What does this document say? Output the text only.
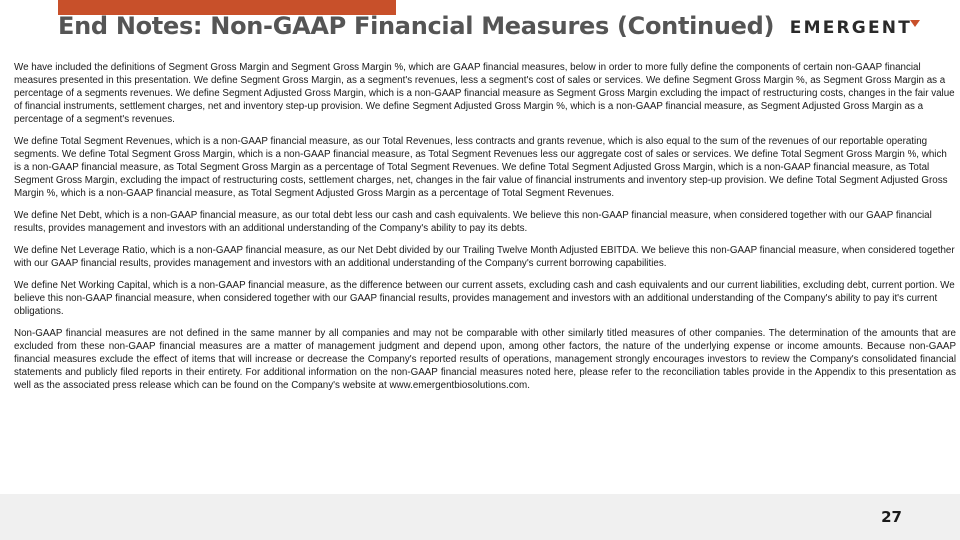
End Notes: Non-GAAP Financial Measures (Continued) EMERGENT

We have included the definitions of Segment Gross Margin and Segment Gross Margin %, which are GAAP financial measures, below in order to more fully define the components of certain non-GAAP financial measures presented in this presentation. We define Segment Gross Margin, as a segment's revenues, less a segment's cost of sales or services. We define Segment Gross Margin %, as Segment Gross Margin as a percentage of a segments revenues. We define Segment Adjusted Gross Margin, which is a non-GAAP financial measure as Segment Gross Margin excluding the impact of restructuring costs, changes in the fair value of financial instruments, settlement charges, net and inventory step-up provision. We define Segment Adjusted Gross Margin %, which is a non-GAAP financial measure, as Segment Adjusted Gross Margin as a percentage of a segment's revenues.

We define Total Segment Revenues, which is a non-GAAP financial measure, as our Total Revenues, less contracts and grants revenue, which is also equal to the sum of the revenues of our reportable operating segments. We define Total Segment Gross Margin, which is a non-GAAP financial measure, as Total Segment Revenues less our aggregate cost of sales or services. We define Total Segment Gross Margin %, which is a non-GAAP financial measure, as Total Segment Gross Margin as a percentage of Total Segment Revenues. We define Total Segment Adjusted Gross Margin, which is a non-GAAP financial measure, as Total Segment Gross Margin, excluding the impact of restructuring costs, settlement charges, net, changes in the fair value of financial instruments and inventory step-up provision. We define Total Segment Adjusted Gross Margin %, which is a non-GAAP financial measure, as Total Segment Adjusted Gross Margin as a percentage of Total Segment Revenues.

We define Net Debt, which is a non-GAAP financial measure, as our total debt less our cash and cash equivalents. We believe this non-GAAP financial measure, when considered together with our GAAP financial results, provides management and investors with an additional understanding of the Company's ability to pay its debts.

We define Net Leverage Ratio, which is a non-GAAP financial measure, as our Net Debt divided by our Trailing Twelve Month Adjusted EBITDA. We believe this non-GAAP financial measure, when considered together with our GAAP financial results, provides management and investors with an additional understanding of the Company's current borrowing capabilities.

We define Net Working Capital, which is a non-GAAP financial measure, as the difference between our current assets, excluding cash and cash equivalents and our current liabilities, excluding debt, current portion. We believe this non-GAAP financial measure, when considered together with our GAAP financial results, provides management and investors with an additional understanding of the Company's ability to pay it's current obligations.

Non-GAAP financial measures are not defined in the same manner by all companies and may not be comparable with other similarly titled measures of other companies. The determination of the amounts that are excluded from these non-GAAP financial measures are a matter of management judgment and depend upon, among other factors, the nature of the underlying expense or income amounts. Because non-GAAP financial measures exclude the effect of items that will increase or decrease the Company's reported results of operations, management strongly encourages investors to review the Company's consolidated financial statements and publicly filed reports in their entirety. For additional information on the non-GAAP financial measures noted here, please refer to the reconciliation tables provide in the Appendix to this presentation as well as the associated press release which can be found on the Company's website at www.emergentbiosolutions.com.

27
